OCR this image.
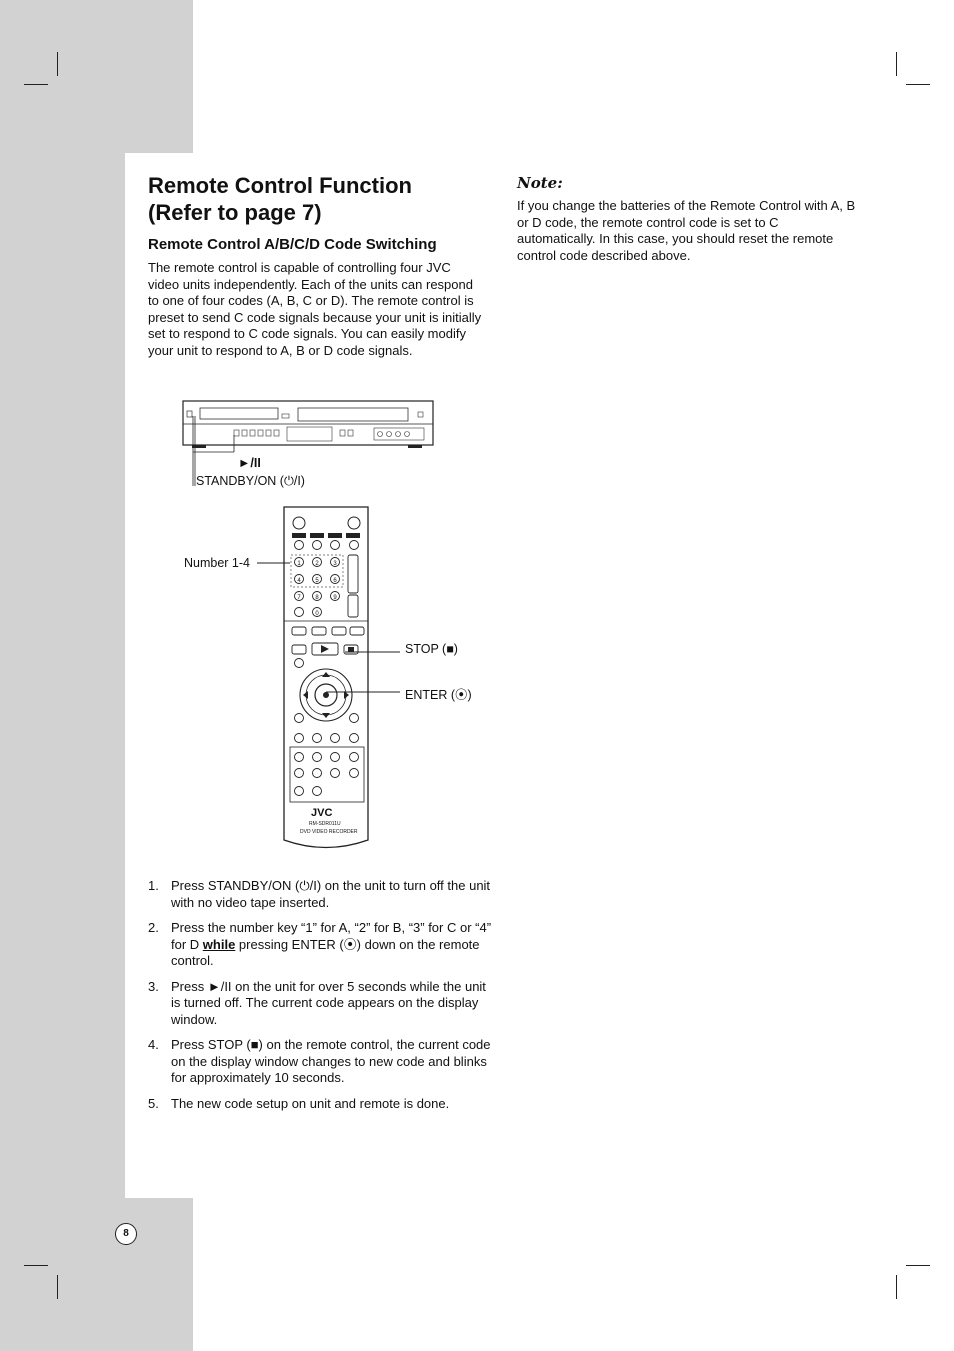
Remote Control Function
(Refer to page 7)
Remote Control A/B/C/D Code Switching

The remote control is capable of controlling four JVC video units independently. Each of the units can respond to one of four codes (A, B, C or D). The remote control is preset to send C code signals because your unit is initially set to respond to C code signals. You can easily modify your unit to respond to A, B or D code signals.

Note:

If you change the batteries of the Remote Control with A, B or D code, the remote control code is set to C automatically. In this case, you should reset the remote control code described above.

►/II
STANDBY/ON (⏻/I)
1 2 3
4 5 6
7 8 9
0
JVC
RM-SDR011U
DVD VIDEO RECORDER
Number 1-4
STOP (■)
ENTER (⦿)
1. Press STANDBY/ON (⏻/I) on the unit to turn off the unit with no video tape inserted.
2. Press the number key “1” for A, “2” for B, “3” for C or “4” for D while pressing ENTER (⦿) down on the remote control.
3. Press ►/II on the unit for over 5 seconds while the unit is turned off. The current code appears on the display window.
4. Press STOP (■) on the remote control, the current code on the display window changes to new code and blinks for approximately 10 seconds.
5. The new code setup on unit and remote is done.
8
